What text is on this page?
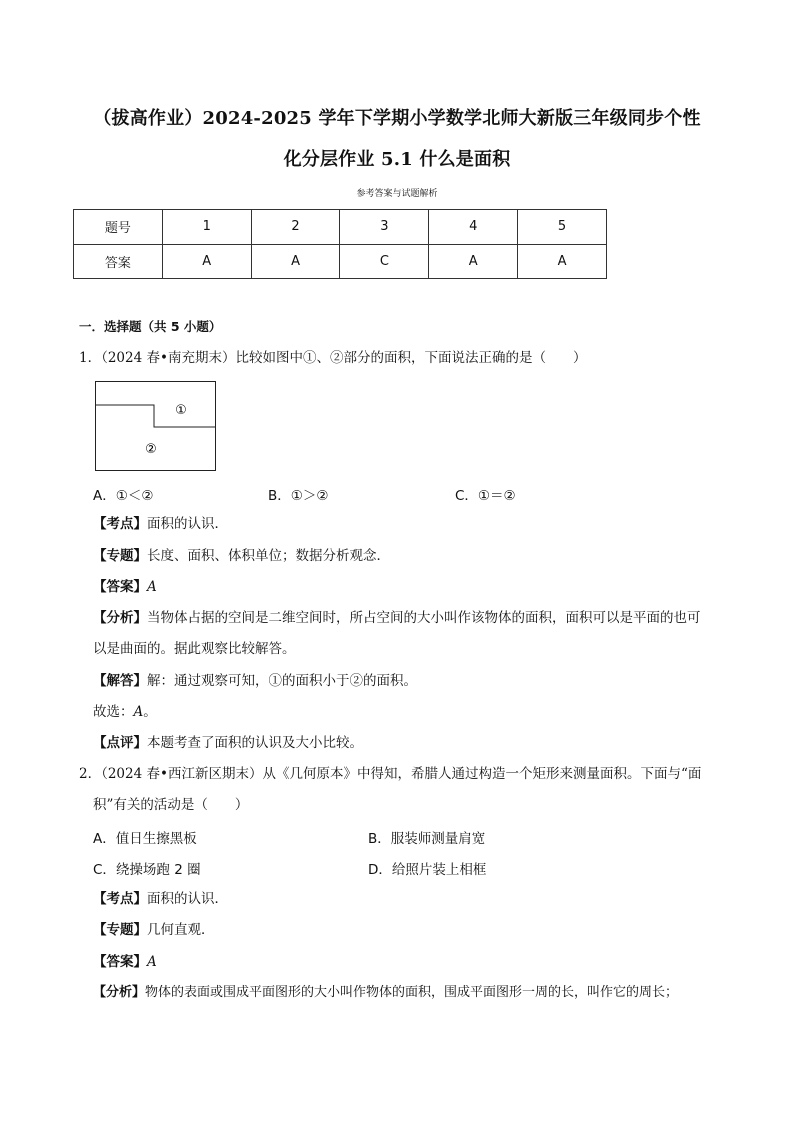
（拔高作业）2024-2025 学年下学期小学数学北师大新版三年级同步个性
化分层作业 5.1 什么是面积
参考答案与试题解析
题号	1	2	3	4	5
答案	A	A	C	A	A
一．选择题（共 5 小题）
1．（2024 春•南充期末）比较如图中①、②部分的面积，下面说法正确的是（　　）
①
②
A．①＜②	B．①＞②	C．①＝②
【考点】面积的认识．
【专题】长度、面积、体积单位；数据分析观念．
【答案】A
【分析】当物体占据的空间是二维空间时，所占空间的大小叫作该物体的面积，面积可以是平面的也可
以是曲面的。据此观察比较解答。
【解答】解：通过观察可知，①的面积小于②的面积。
故选：A。
【点评】本题考查了面积的认识及大小比较。
2．（2024 春•西江新区期末）从《几何原本》中得知，希腊人通过构造一个矩形来测量面积。下面与“面
积”有关的活动是（　　）
A．值日生擦黑板	B．服装师测量肩宽
C．绕操场跑 2 圈	D．给照片装上相框
【考点】面积的认识．
【专题】几何直观．
【答案】A
【分析】物体的表面或围成平面图形的大小叫作物体的面积，围成平面图形一周的长，叫作它的周长；
